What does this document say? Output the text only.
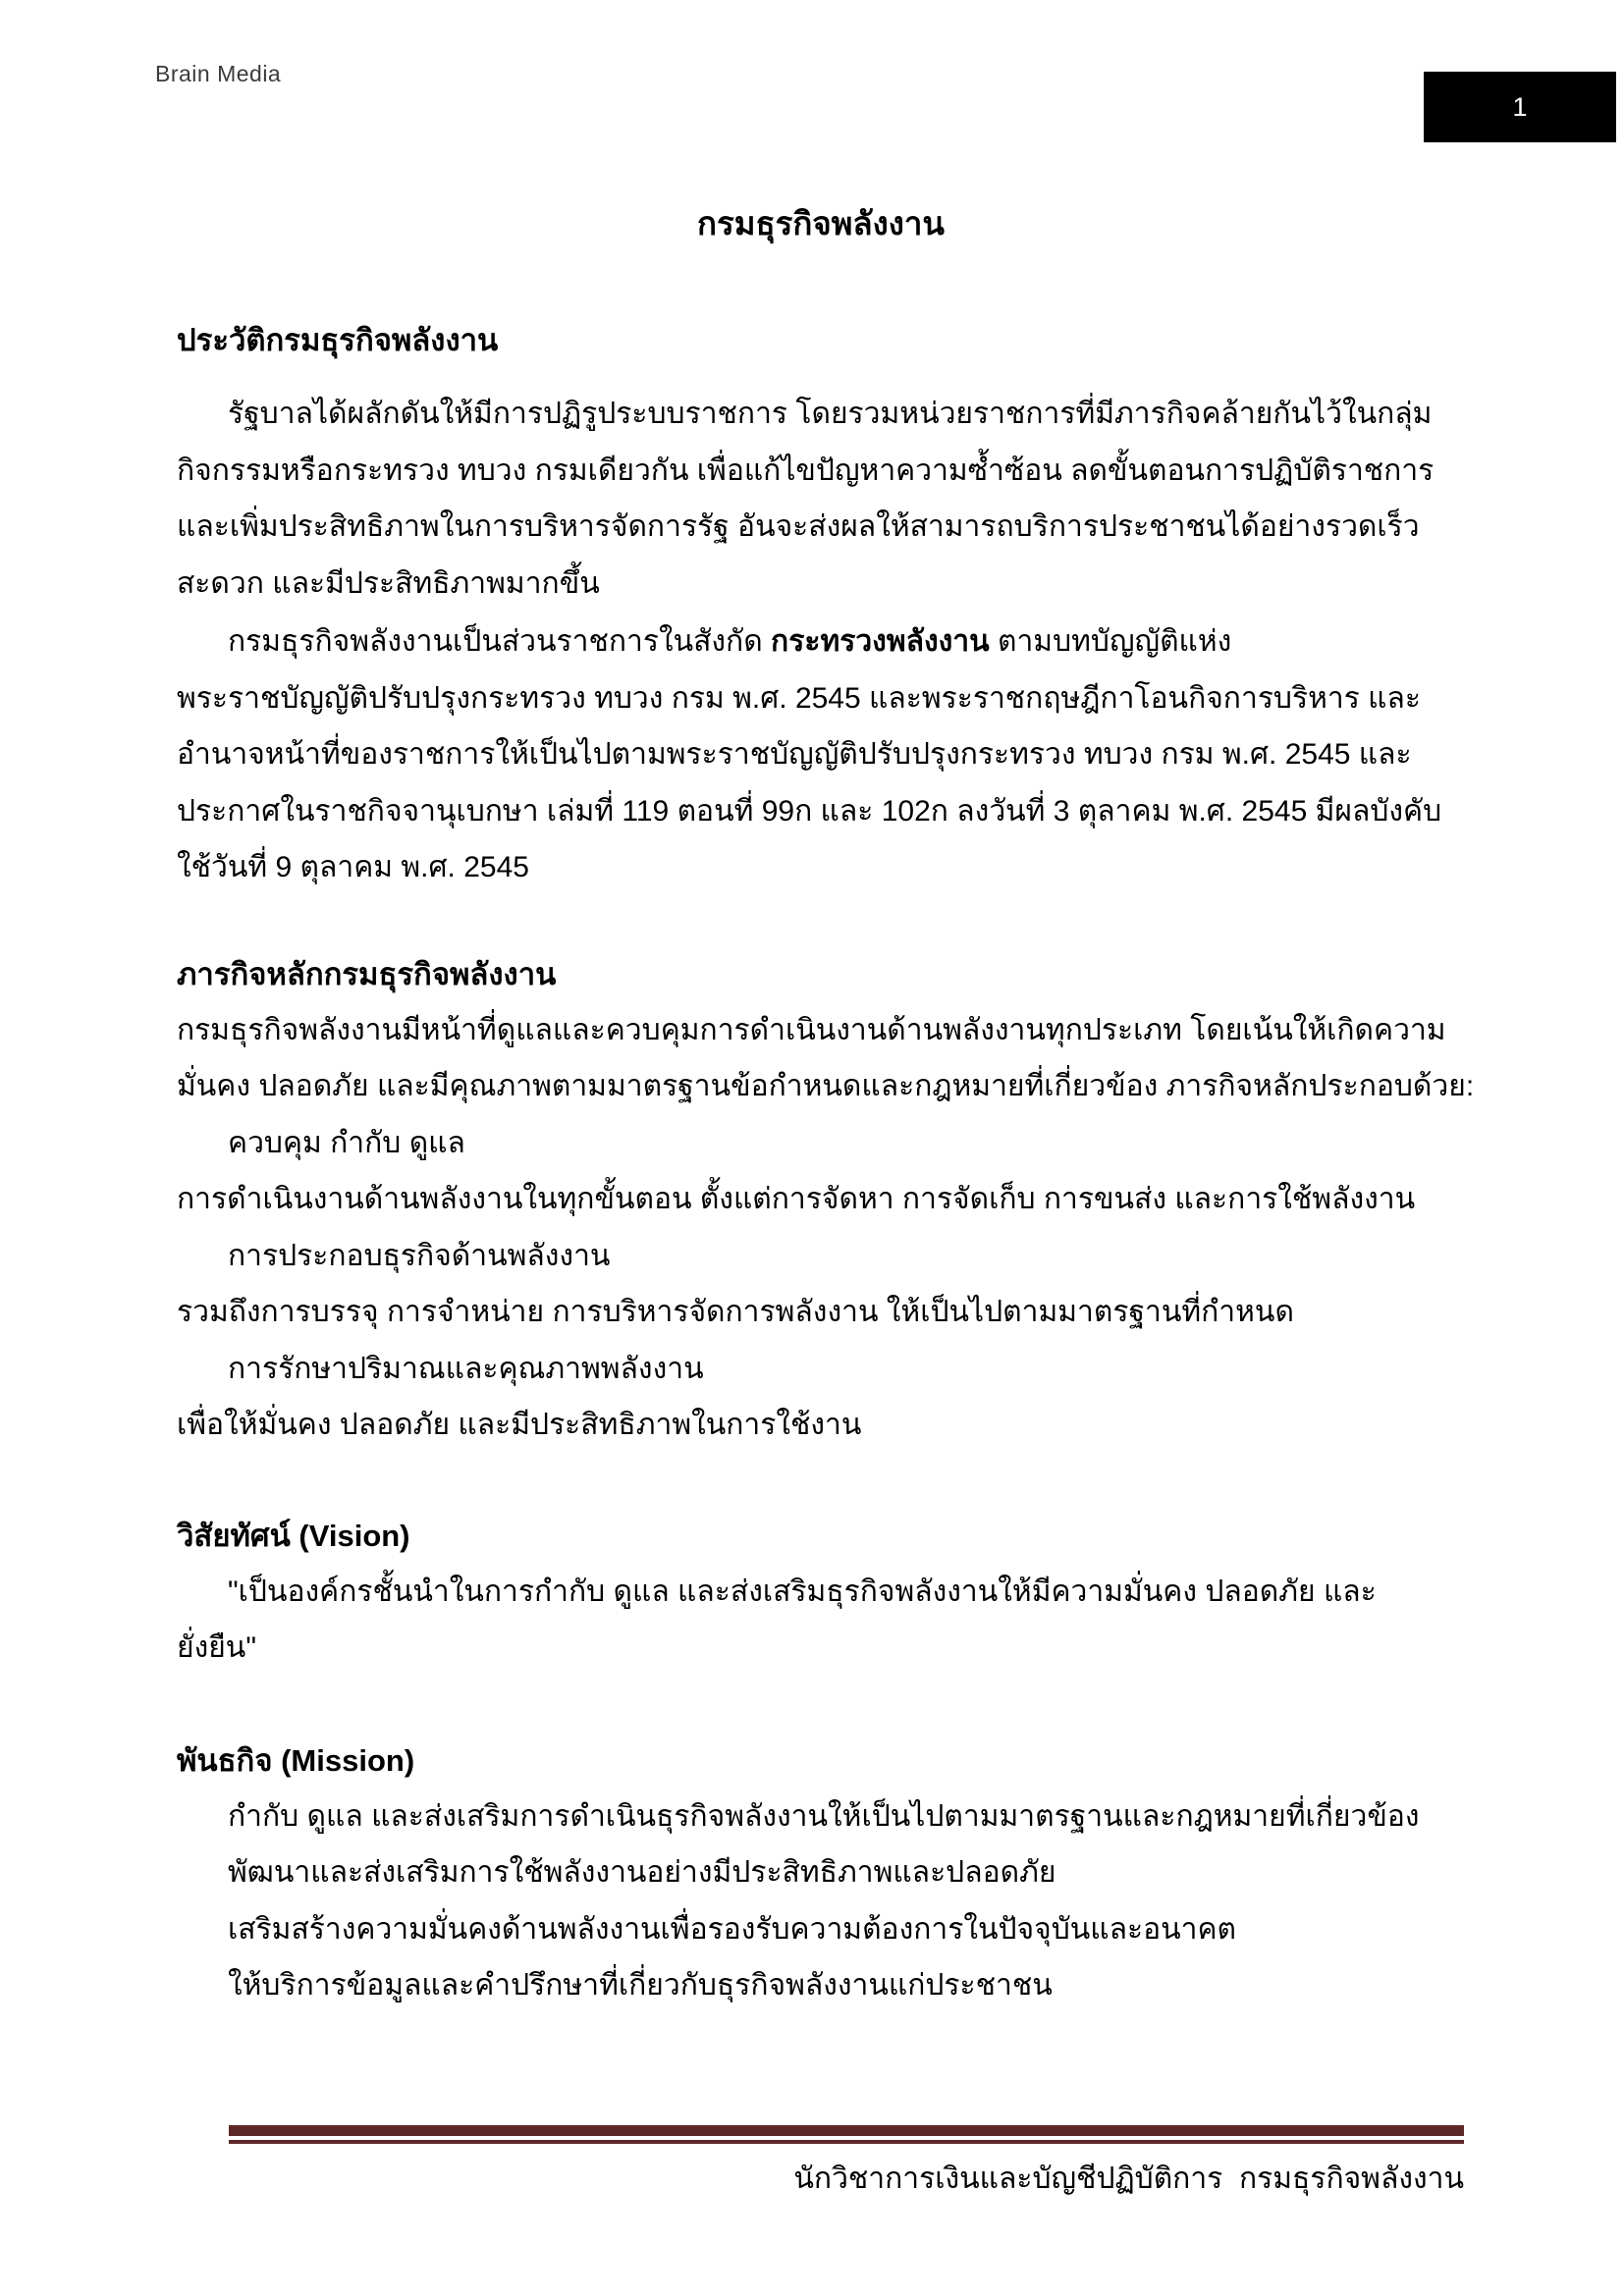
Brain Media
1
กรมธุรกิจพลังงาน
ประวัติกรมธุรกิจพลังงาน
รัฐบาลได้ผลักดันให้มีการปฏิรูประบบราชการ โดยรวมหน่วยราชการที่มีภารกิจคล้ายกันไว้ในกลุ่ม
กิจกรรมหรือกระทรวง ทบวง กรมเดียวกัน เพื่อแก้ไขปัญหาความซ้ำซ้อน ลดขั้นตอนการปฏิบัติราชการ
และเพิ่มประสิทธิภาพในการบริหารจัดการรัฐ อันจะส่งผลให้สามารถบริการประชาชนได้อย่างรวดเร็ว
สะดวก และมีประสิทธิภาพมากขึ้น
กรมธุรกิจพลังงานเป็นส่วนราชการในสังกัด กระทรวงพลังงาน ตามบทบัญญัติแห่ง
พระราชบัญญัติปรับปรุงกระทรวง ทบวง กรม พ.ศ. 2545 และพระราชกฤษฎีกาโอนกิจการบริหาร และ
อำนาจหน้าที่ของราชการให้เป็นไปตามพระราชบัญญัติปรับปรุงกระทรวง ทบวง กรม พ.ศ. 2545 และ
ประกาศในราชกิจจานุเบกษา เล่มที่ 119 ตอนที่ 99ก และ 102ก ลงวันที่ 3 ตุลาคม พ.ศ. 2545 มีผลบังคับ
ใช้วันที่ 9 ตุลาคม พ.ศ. 2545
ภารกิจหลักกรมธุรกิจพลังงาน
กรมธุรกิจพลังงานมีหน้าที่ดูแลและควบคุมการดำเนินงานด้านพลังงานทุกประเภท โดยเน้นให้เกิดความ
มั่นคง ปลอดภัย และมีคุณภาพตามมาตรฐานข้อกำหนดและกฎหมายที่เกี่ยวข้อง ภารกิจหลักประกอบด้วย:
ควบคุม กำกับ ดูแล
การดำเนินงานด้านพลังงานในทุกขั้นตอน ตั้งแต่การจัดหา การจัดเก็บ การขนส่ง และการใช้พลังงาน
การประกอบธุรกิจด้านพลังงาน
รวมถึงการบรรจุ การจำหน่าย การบริหารจัดการพลังงาน ให้เป็นไปตามมาตรฐานที่กำหนด
การรักษาปริมาณและคุณภาพพลังงาน
เพื่อให้มั่นคง ปลอดภัย และมีประสิทธิภาพในการใช้งาน
วิสัยทัศน์ (Vision)
"เป็นองค์กรชั้นนำในการกำกับ ดูแล และส่งเสริมธุรกิจพลังงานให้มีความมั่นคง ปลอดภัย และ
ยั่งยืน"
พันธกิจ (Mission)
กำกับ ดูแล และส่งเสริมการดำเนินธุรกิจพลังงานให้เป็นไปตามมาตรฐานและกฎหมายที่เกี่ยวข้อง
พัฒนาและส่งเสริมการใช้พลังงานอย่างมีประสิทธิภาพและปลอดภัย
เสริมสร้างความมั่นคงด้านพลังงานเพื่อรองรับความต้องการในปัจจุบันและอนาคต
ให้บริการข้อมูลและคำปรึกษาที่เกี่ยวกับธุรกิจพลังงานแก่ประชาชน
นักวิชาการเงินและบัญชีปฏิบัติการ  กรมธุรกิจพลังงาน
